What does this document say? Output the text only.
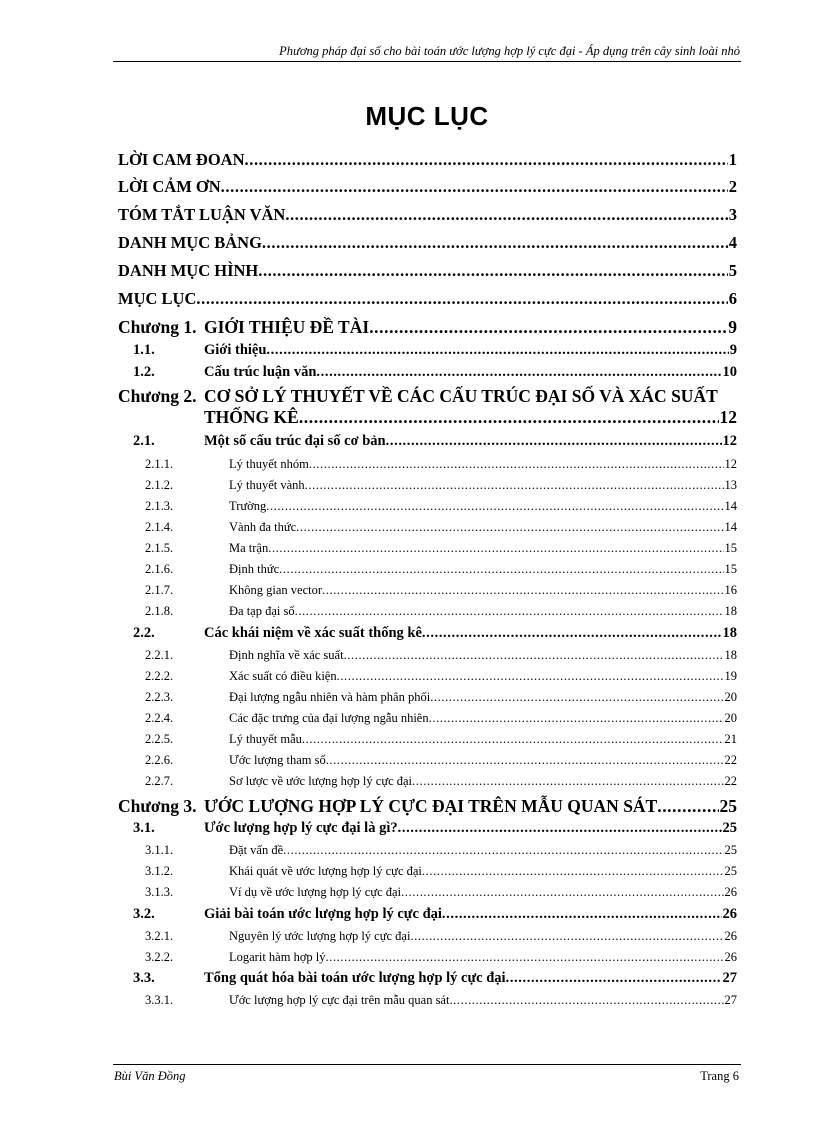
Phương pháp đại số cho bài toán ước lượng hợp lý cực đại - Áp dụng trên cây sinh loài nhỏ
MỤC LỤC
LỜI CAM ĐOAN .....	1
LỜI CẢM ƠN .....	2
TÓM TẮT LUẬN VĂN .....	3
DANH MỤC BẢNG .....	4
DANH MỤC HÌNH .....	5
MỤC LỤC .....	6
Chương 1. GIỚI THIỆU ĐỀ TÀI .....	9
1.1.	Giới thiệu .....	9
1.2.	Cấu trúc luận văn .....	10
Chương 2. CƠ SỞ LÝ THUYẾT VỀ CÁC CẤU TRÚC ĐẠI SỐ VÀ XÁC SUẤT
THỐNG KÊ .....	12
2.1.	Một số cấu trúc đại số cơ bản .....	12
2.1.1.	Lý thuyết nhóm .....	12
2.1.2.	Lý thuyết vành .....	13
2.1.3.	Trường .....	14
2.1.4.	Vành đa thức .....	14
2.1.5.	Ma trận .....	15
2.1.6.	Định thức .....	15
2.1.7.	Không gian vector .....	16
2.1.8.	Đa tạp đại số .....	18
2.2.	Các khái niệm về xác suất thống kê .....	18
2.2.1.	Định nghĩa về xác suất .....	18
2.2.2.	Xác suất có điều kiện .....	19
2.2.3.	Đại lượng ngẫu nhiên và hàm phân phối .....	20
2.2.4.	Các đặc trưng của đại lượng ngẫu nhiên .....	20
2.2.5.	Lý thuyết mẫu .....	21
2.2.6.	Ước lượng tham số .....	22
2.2.7.	Sơ lược về ước lượng hợp lý cực đại .....	22
Chương 3. ƯỚC LƯỢNG HỢP LÝ CỰC ĐẠI TRÊN MẪU QUAN SÁT .....	25
3.1.	Ước lượng hợp lý cực đại là gì? .....	25
3.1.1.	Đặt vấn đề .....	25
3.1.2.	Khái quát về ước lượng hợp lý cực đại .....	25
3.1.3.	Ví dụ về ước lượng hợp lý cực đại .....	26
3.2.	Giải bài toán ước lượng hợp lý cực đại .....	26
3.2.1.	Nguyên lý ước lượng hợp lý cực đại .....	26
3.2.2.	Logarit hàm hợp lý .....	26
3.3.	Tổng quát hóa bài toán ước lượng hợp lý cực đại .....	27
3.3.1.	Ước lượng hợp lý cực đại trên mẫu quan sát .....	27
Bùi Văn Đồng	Trang 6
